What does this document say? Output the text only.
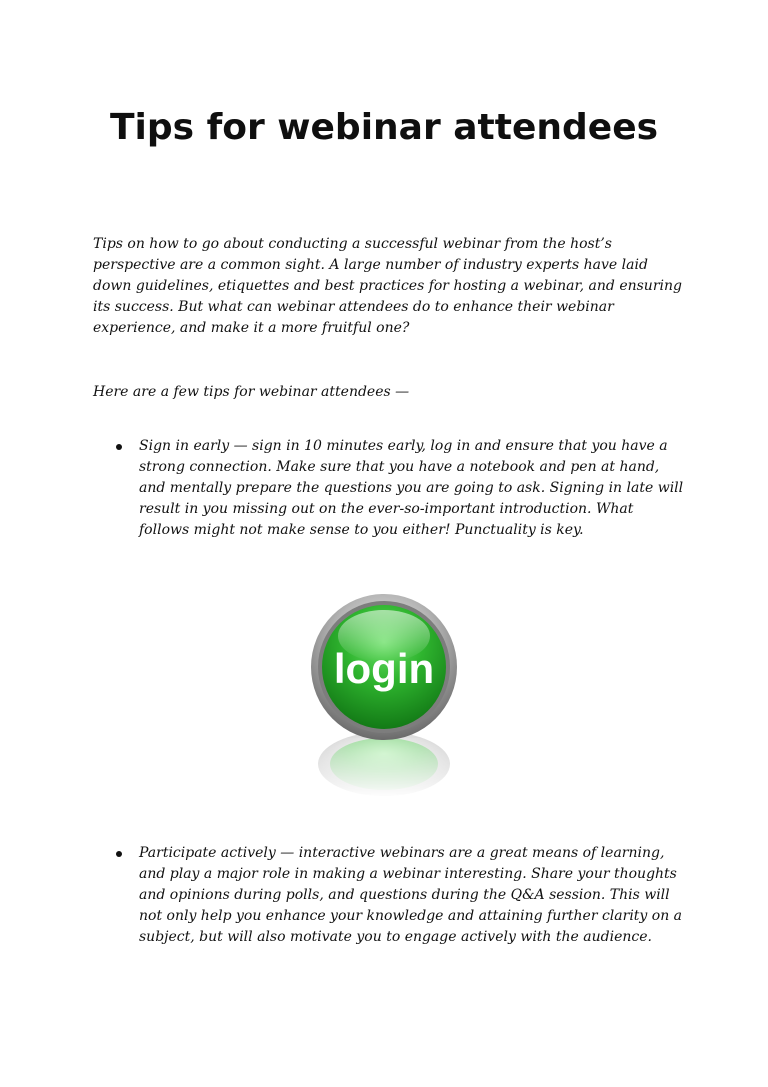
Tips for webinar attendees

Tips on how to go about conducting a successful webinar from the host’s perspective are a common sight. A large number of industry experts have laid down guidelines, etiquettes and best practices for hosting a webinar, and ensuring its success. But what can webinar attendees do to enhance their webinar experience, and make it a more fruitful one?

Here are a few tips for webinar attendees —

Sign in early — sign in 10 minutes early, log in and ensure that you have a strong connection. Make sure that you have a notebook and pen at hand, and mentally prepare the questions you are going to ask. Signing in late will result in you missing out on the ever-so-important introduction. What follows might not make sense to you either! Punctuality is key.

login

Participate actively — interactive webinars are a great means of learning, and play a major role in making a webinar interesting. Share your thoughts and opinions during polls, and questions during the Q&A session. This will not only help you enhance your knowledge and attaining further clarity on a subject, but will also motivate you to engage actively with the audience.
